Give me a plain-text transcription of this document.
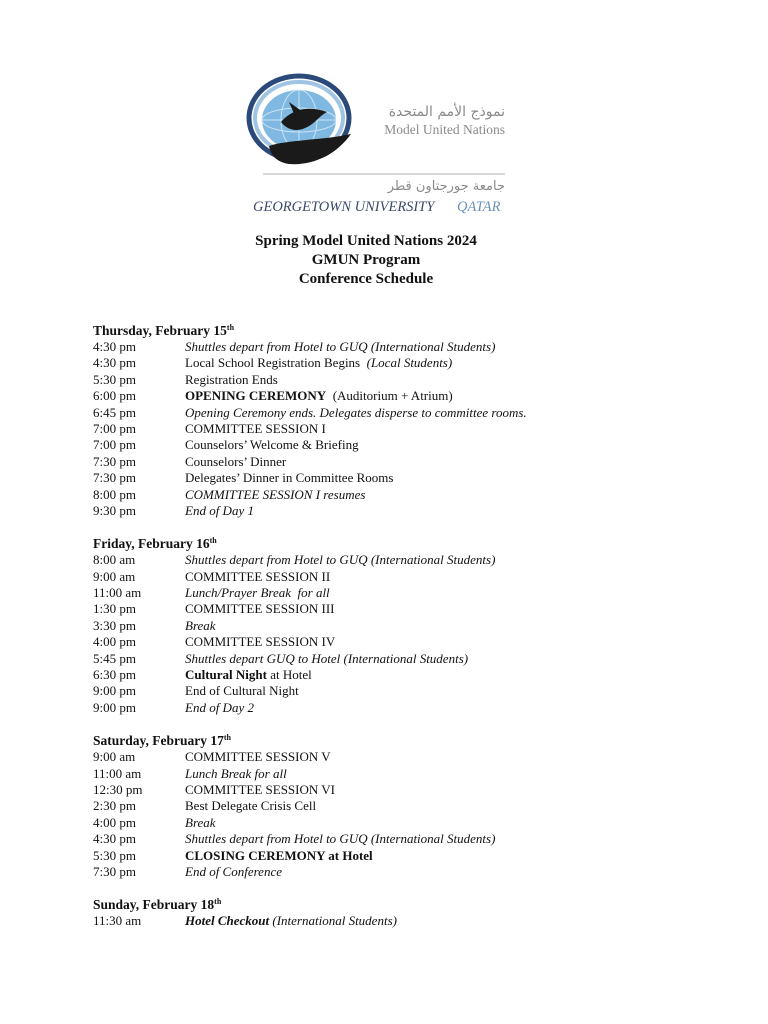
جامعة جورجتاون قطر
GEORGETOWN UNIVERSITY QATAR
نموذج الأمم المتحدة
Model United Nations
Spring Model United Nations 2024
GMUN Program
Conference Schedule
Thursday, February 15th
4:30 pm	Shuttles depart from Hotel to GUQ (International Students)
4:30 pm	Local School Registration Begins  (Local Students)
5:30 pm	Registration Ends
6:00 pm	OPENING CEREMONY  (Auditorium + Atrium)
6:45 pm	Opening Ceremony ends. Delegates disperse to committee rooms.
7:00 pm	COMMITTEE SESSION I
7:00 pm	Counselors’ Welcome & Briefing
7:30 pm	Counselors’ Dinner
7:30 pm	Delegates’ Dinner in Committee Rooms
8:00 pm	COMMITTEE SESSION I resumes
9:30 pm	End of Day 1
Friday, February 16th
8:00 am	Shuttles depart from Hotel to GUQ (International Students)
9:00 am	COMMITTEE SESSION II
11:00 am	Lunch/Prayer Break  for all
1:30 pm	COMMITTEE SESSION III
3:30 pm	Break
4:00 pm	COMMITTEE SESSION IV
5:45 pm	Shuttles depart GUQ to Hotel (International Students)
6:30 pm	Cultural Night at Hotel
9:00 pm	End of Cultural Night
9:00 pm	End of Day 2
Saturday, February 17th
9:00 am	COMMITTEE SESSION V
11:00 am	Lunch Break for all
12:30 pm	COMMITTEE SESSION VI
2:30 pm	Best Delegate Crisis Cell
4:00 pm	Break
4:30 pm	Shuttles depart from Hotel to GUQ (International Students)
5:30 pm	CLOSING CEREMONY at Hotel
7:30 pm	End of Conference
Sunday, February 18th
11:30 am	Hotel Checkout (International Students)
